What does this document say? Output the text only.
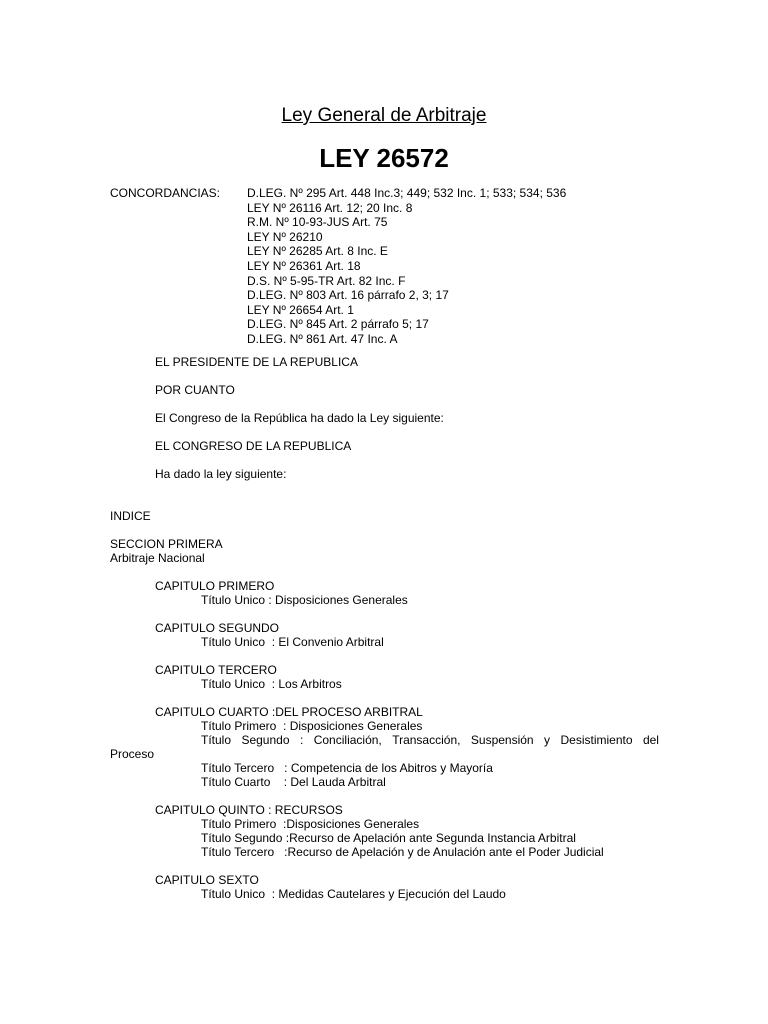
Ley General de Arbitraje
LEY 26572
CONCORDANCIAS: D.LEG. Nº 295 Art. 448 Inc.3; 449; 532 Inc. 1; 533; 534; 536
LEY Nº 26116 Art. 12; 20 Inc. 8
R.M. Nº 10-93-JUS Art. 75
LEY Nº 26210
LEY Nº 26285 Art. 8 Inc. E
LEY Nº 26361 Art. 18
D.S. Nº 5-95-TR Art. 82 Inc. F
D.LEG. Nº 803 Art. 16 párrafo 2, 3; 17
LEY Nº 26654 Art. 1
D.LEG. Nº 845 Art. 2 párrafo 5; 17
D.LEG. Nº 861 Art. 47 Inc. A
EL PRESIDENTE DE LA REPUBLICA
POR CUANTO
El Congreso de la República ha dado la Ley siguiente:
EL CONGRESO DE LA REPUBLICA
Ha dado la ley siguiente:
INDICE
SECCION PRIMERA
Arbitraje Nacional
CAPITULO PRIMERO
Título Unico : Disposiciones Generales
CAPITULO SEGUNDO
Título Unico : El Convenio Arbitral
CAPITULO TERCERO
Título Unico : Los Arbitros
CAPITULO CUARTO :DEL PROCESO ARBITRAL
Título Primero : Disposiciones Generales
Título Segundo : Conciliación, Transacción, Suspensión y Desistimiento del
Proceso
Título Tercero : Competencia de los Abitros y Mayoría
Título Cuarto : Del Lauda Arbitral
CAPITULO QUINTO : RECURSOS
Título Primero :Disposiciones Generales
Título Segundo :Recurso de Apelación ante Segunda Instancia Arbitral
Título Tercero :Recurso de Apelación y de Anulación ante el Poder Judicial
CAPITULO SEXTO
Título Unico : Medidas Cautelares y Ejecución del Laudo
